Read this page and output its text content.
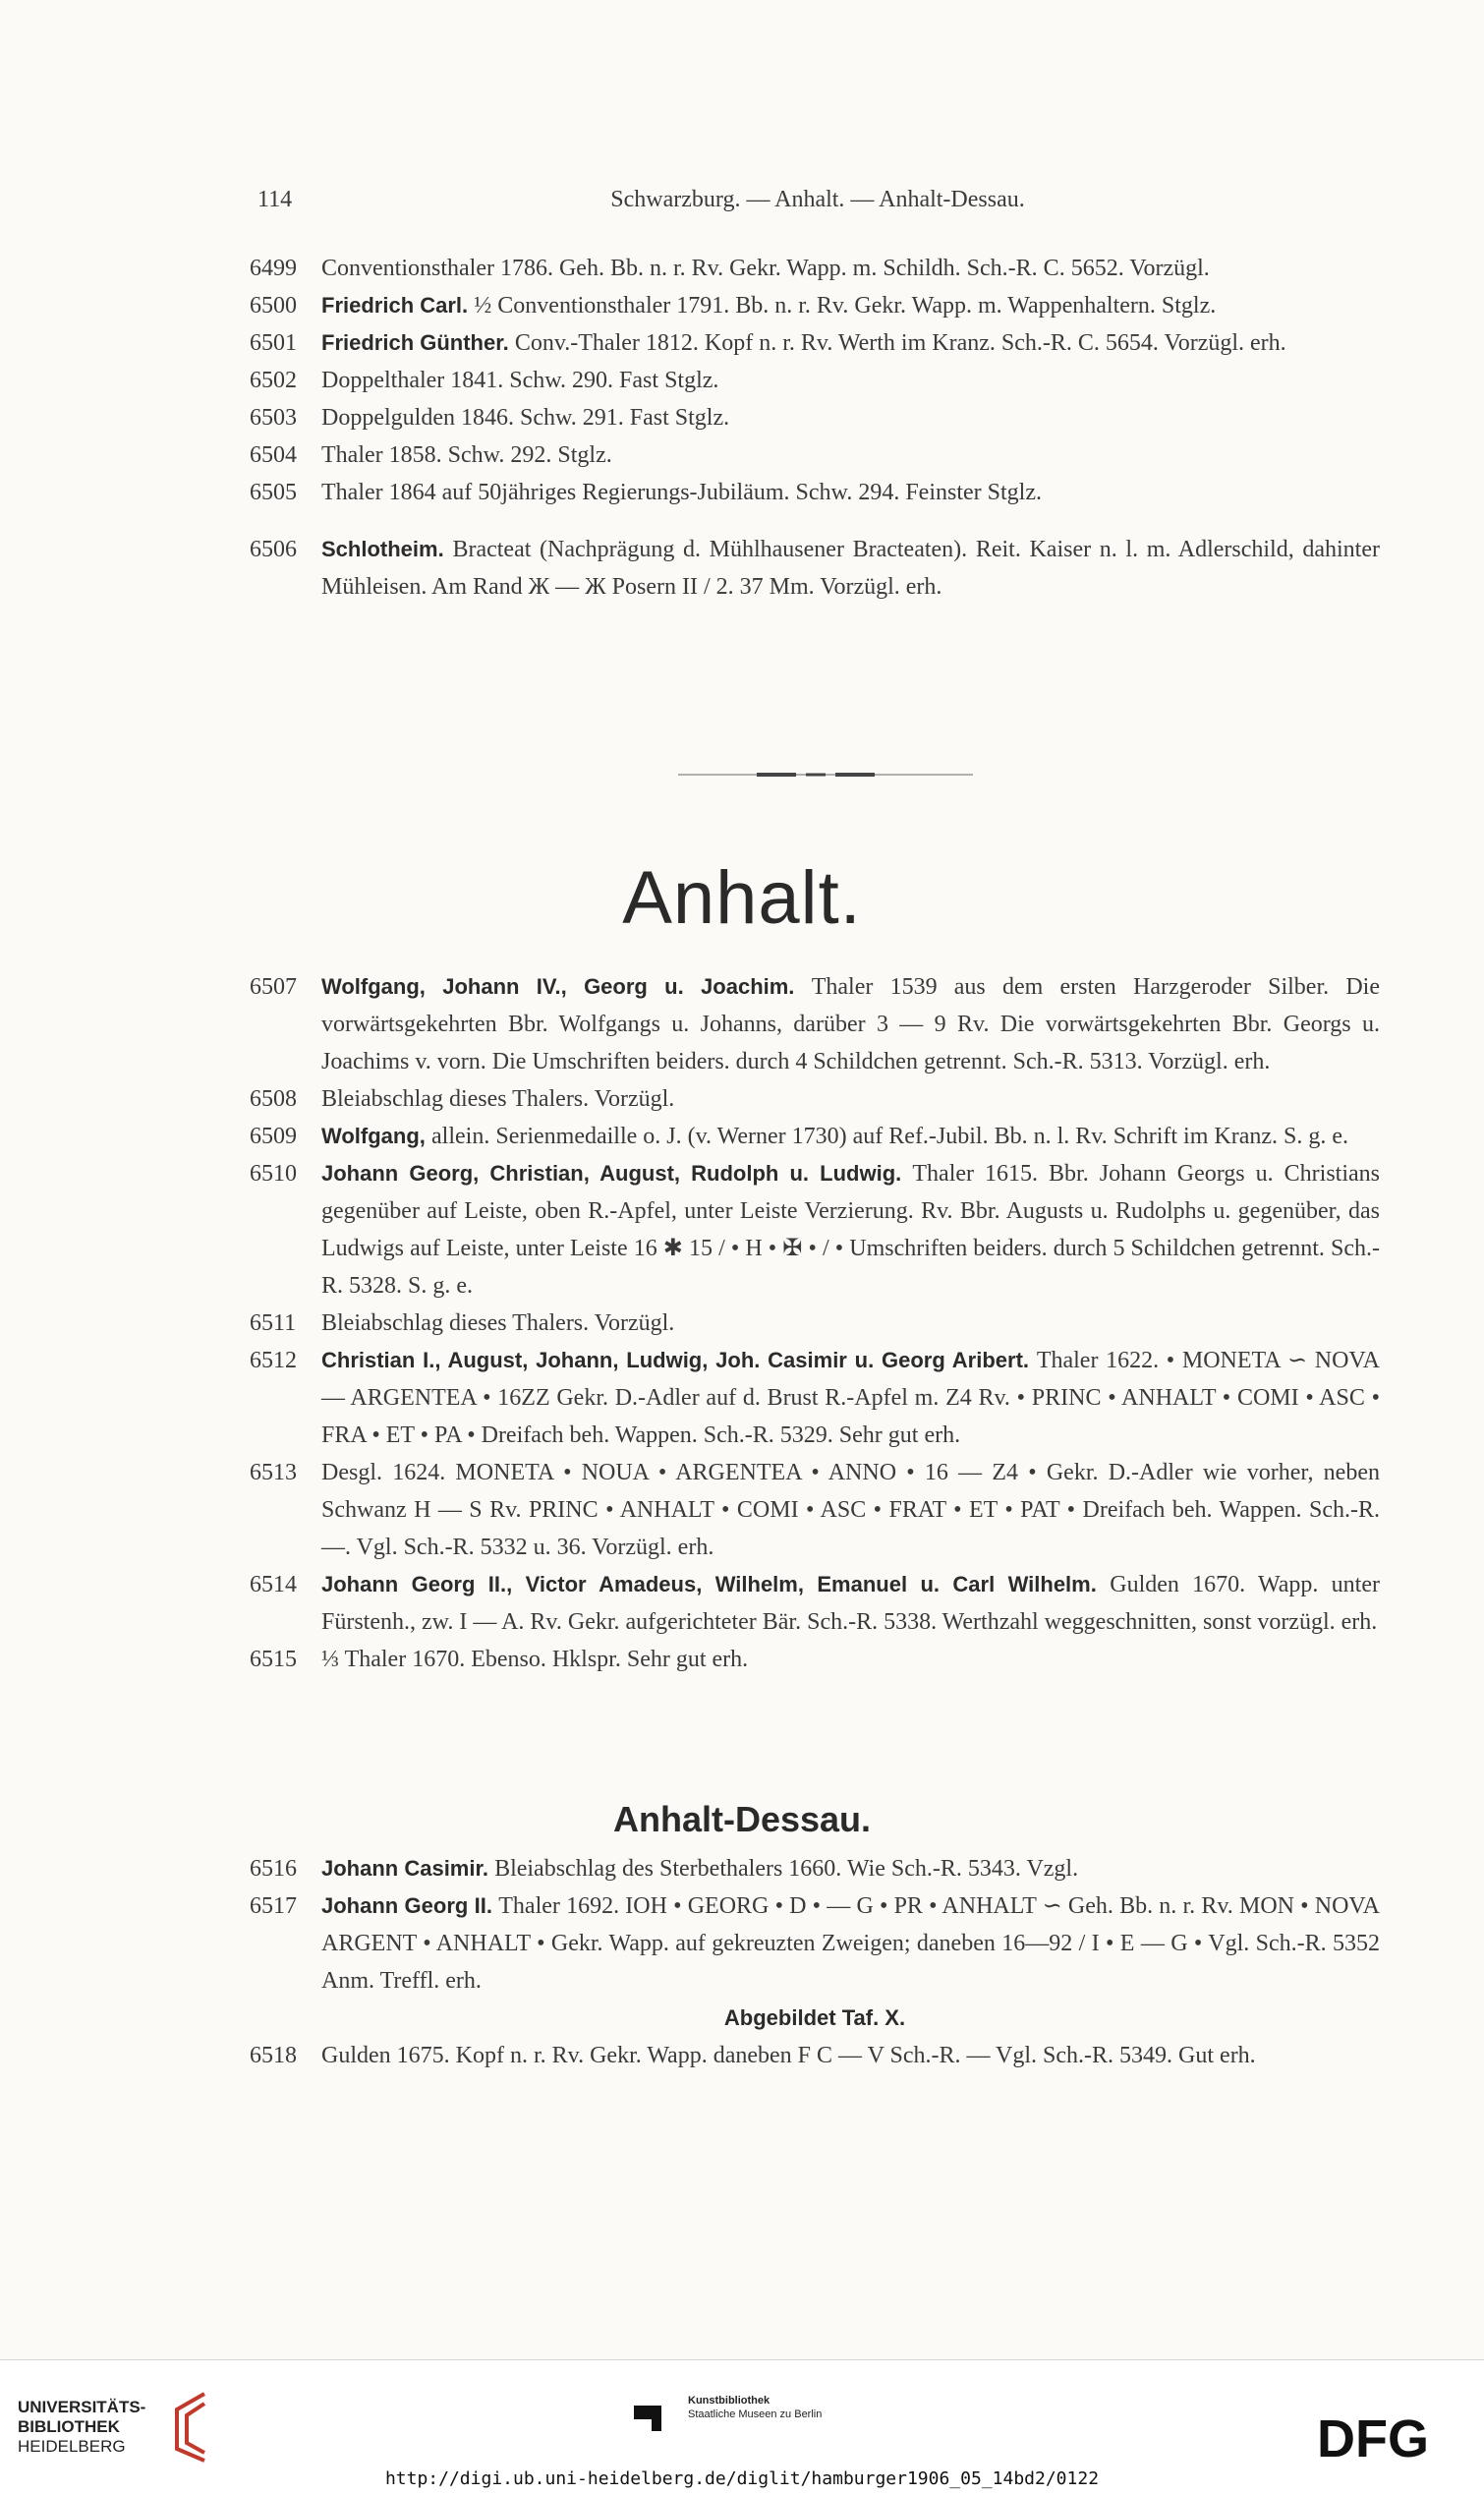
114	Schwarzburg. — Anhalt. — Anhalt-Dessau.
6499	Conventionsthaler 1786. Geh. Bb. n. r. Rv. Gekr. Wapp. m. Schildh. Sch.-R. C. 5652. Vorzügl.
6500	Friedrich Carl. ½ Conventionsthaler 1791. Bb. n. r. Rv. Gekr. Wapp. m. Wappenhaltern. Stglz.
6501	Friedrich Günther. Conv.-Thaler 1812. Kopf n. r. Rv. Werth im Kranz. Sch.-R. C. 5654. Vorzügl. erh.
6502	Doppelthaler 1841. Schw. 290. Fast Stglz.
6503	Doppelgulden 1846. Schw. 291. Fast Stglz.
6504	Thaler 1858. Schw. 292. Stglz.
6505	Thaler 1864 auf 50jähriges Regierungs-Jubiläum. Schw. 294. Feinster Stglz.
6506	Schlotheim. Bracteat (Nachprägung d. Mühlhausener Bracteaten). Reit. Kaiser n. l. m. Adlerschild, dahinter Mühleisen. Am Rand Ж — Ж Posern II / 2. 37 Mm. Vorzügl. erh.
Anhalt.
6507	Wolfgang, Johann IV., Georg u. Joachim. Thaler 1539 aus dem ersten Harzgeroder Silber. Die vorwärtsgekehrten Bbr. Wolfgangs u. Johanns, darüber 3 — 9 Rv. Die vorwärtsgekehrten Bbr. Georgs u. Joachims v. vorn. Die Umschriften beiders. durch 4 Schildchen getrennt. Sch.-R. 5313. Vorzügl. erh.
6508	Bleiabschlag dieses Thalers. Vorzügl.
6509	Wolfgang, allein. Serienmedaille o. J. (v. Werner 1730) auf Ref.-Jubil. Bb. n. l. Rv. Schrift im Kranz. S. g. e.
6510	Johann Georg, Christian, August, Rudolph u. Ludwig. Thaler 1615. Bbr. Johann Georgs u. Christians gegenüber auf Leiste, oben R.-Apfel, unter Leiste Verzierung. Rv. Bbr. Augusts u. Rudolphs u. gegenüber, das Ludwigs auf Leiste, unter Leiste 16 ✱ 15 / • H • ✠ • / • Umschriften beiders. durch 5 Schildchen getrennt. Sch.-R. 5328. S. g. e.
6511	Bleiabschlag dieses Thalers. Vorzügl.
6512	Christian I., August, Johann, Ludwig, Joh. Casimir u. Georg Aribert. Thaler 1622. • MONETA ∽ NOVA — ARGENTEA • 16ZZ Gekr. D.-Adler auf d. Brust R.-Apfel m. Z4 Rv. • PRINC • ANHALT • COMI • ASC • FRA • ET • PA • Dreifach beh. Wappen. Sch.-R. 5329. Sehr gut erh.
6513	Desgl. 1624. MONETA • NOUA • ARGENTEA • ANNO • 16 — Z4 • Gekr. D.-Adler wie vorher, neben Schwanz H — S Rv. PRINC • ANHALT • COMI • ASC • FRAT • ET • PAT • Dreifach beh. Wappen. Sch.-R. —. Vgl. Sch.-R. 5332 u. 36. Vorzügl. erh.
6514	Johann Georg II., Victor Amadeus, Wilhelm, Emanuel u. Carl Wilhelm. Gulden 1670. Wapp. unter Fürstenh., zw. I — A. Rv. Gekr. aufgerichteter Bär. Sch.-R. 5338. Werthzahl weggeschnitten, sonst vorzügl. erh.
6515	⅓ Thaler 1670. Ebenso. Hklspr. Sehr gut erh.
Anhalt-Dessau.
6516	Johann Casimir. Bleiabschlag des Sterbethalers 1660. Wie Sch.-R. 5343. Vzgl.
6517	Johann Georg II. Thaler 1692. IOH • GEORG • D • — G • PR • ANHALT ∽ Geh. Bb. n. r. Rv. MON • NOVA ARGENT • ANHALT • Gekr. Wapp. auf gekreuzten Zweigen; daneben 16—92 / I • E — G • Vgl. Sch.-R. 5352 Anm. Treffl. erh.
Abgebildet Taf. X.
6518	Gulden 1675. Kopf n. r. Rv. Gekr. Wapp. daneben F C — V Sch.-R. — Vgl. Sch.-R. 5349. Gut erh.
UNIVERSITÄTS-
BIBLIOTHEK
HEIDELBERG
Kunstbibliothek
Staatliche Museen zu Berlin	DFG
http://digi.ub.uni-heidelberg.de/diglit/hamburger1906_05_14bd2/0122
